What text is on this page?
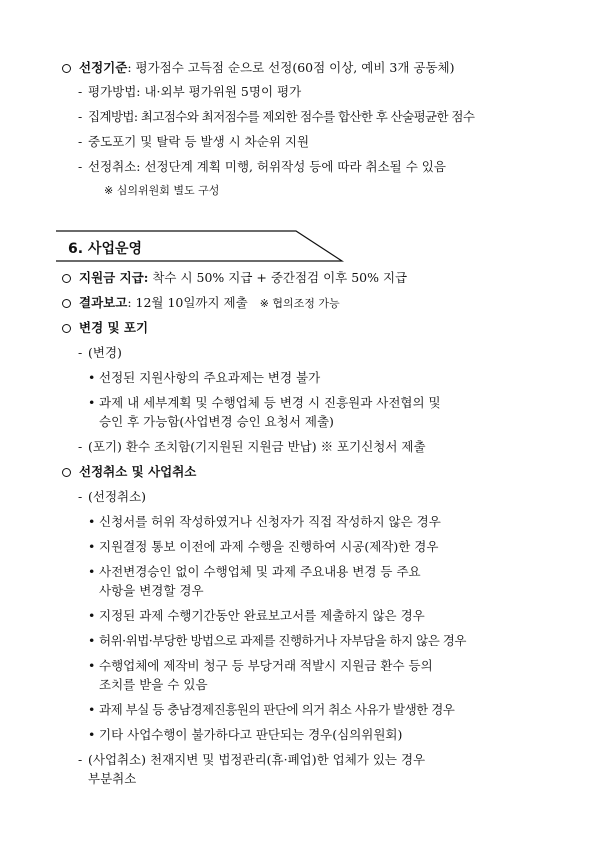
선정기준: 평가점수 고득점 순으로 선정(60점 이상, 예비 3개 공동체)
- 평가방법: 내·외부 평가위원 5명이 평가
- 집계방법: 최고점수와 최저점수를 제외한 점수를 합산한 후 산술평균한 점수
- 중도포기 및 탈락 등 발생 시 차순위 지원
- 선정취소: 선정단계 계획 미행, 허위작성 등에 따라 취소될 수 있음
※ 심의위원회 별도 구성
6. 사업운영
지원금 지급: 착수 시 50% 지급 + 중간점검 이후 50% 지급
결과보고: 12월 10일까지 제출 ※ 협의조정 가능
변경 및 포기
- (변경)
• 선정된 지원사항의 주요과제는 변경 불가
• 과제 내 세부계획 및 수행업체 등 변경 시 진흥원과 사전협의 및
승인 후 가능함(사업변경 승인 요청서 제출)
- (포기) 환수 조치함(기지원된 지원금 반납) ※ 포기신청서 제출
선정취소 및 사업취소
- (선정취소)
• 신청서를 허위 작성하였거나 신청자가 직접 작성하지 않은 경우
• 지원결정 통보 이전에 과제 수행을 진행하여 시공(제작)한 경우
• 사전변경승인 없이 수행업체 및 과제 주요내용 변경 등 주요
사항을 변경할 경우
• 지정된 과제 수행기간동안 완료보고서를 제출하지 않은 경우
• 허위·위법·부당한 방법으로 과제를 진행하거나 자부담을 하지 않은 경우
• 수행업체에 제작비 청구 등 부당거래 적발시 지원금 환수 등의
조치를 받을 수 있음
• 과제 부실 등 충남경제진흥원의 판단에 의거 취소 사유가 발생한 경우
• 기타 사업수행이 불가하다고 판단되는 경우(심의위원회)
- (사업취소) 천재지변 및 법정관리(휴·폐업)한 업체가 있는 경우
부분취소
